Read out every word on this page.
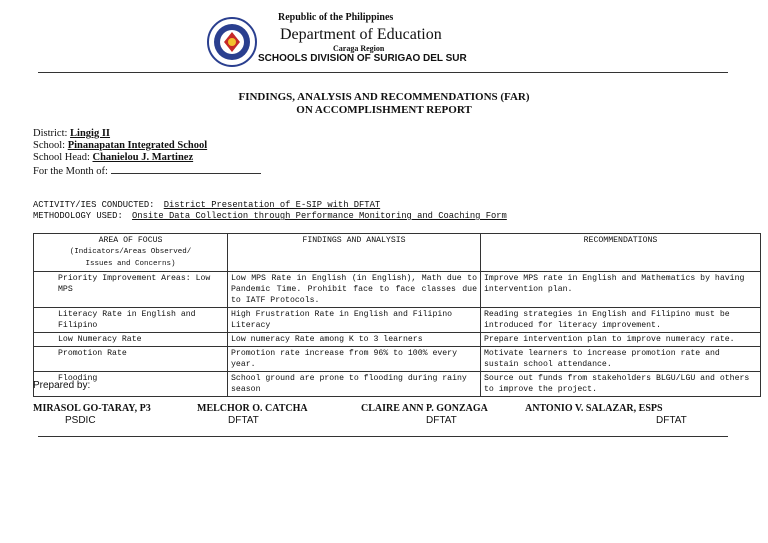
Republic of the Philippines
Department of Education
Caraga Region
SCHOOLS DIVISION OF SURIGAO DEL SUR
FINDINGS, ANALYSIS AND RECOMMENDATIONS (FAR)
ON ACCOMPLISHMENT REPORT
District: Lingig II
School: Pinanapatan Integrated School
School Head: Chanielou J. Martinez
For the Month of:
ACTIVITY/IES CONDUCTED: District Presentation of E-SIP with DFTAT
METHODOLOGY USED: Onsite Data Collection through Performance Monitoring and Coaching Form
AREA OF FOCUS
(Indicators/Areas Observed/
Issues and Concerns)	FINDINGS AND ANALYSIS	RECOMMENDATIONS
Priority Improvement Areas: Low MPS	Low MPS Rate in English (in English), Math due to Pandemic Time. Prohibit face to face classes due to IATF Protocols.	Improve MPS rate in English and Mathematics by having intervention plan.
Literacy Rate in English and Filipino	High Frustration Rate in English and Filipino Literacy	Reading strategies in English and Filipino must be introduced for literacy improvement.
Low Numeracy Rate	Low numeracy Rate among K to 3 learners	Prepare intervention plan to improve numeracy rate.
Promotion Rate	Promotion rate increase from 96% to 100% every year.	Motivate learners to increase promotion rate and sustain school attendance.
Flooding	School ground are prone to flooding during rainy season	Source out funds from stakeholders BLGU/LGU and others to improve the project.
Prepared by:
MIRASOL GO-TARAY, P3
PSDIC
MELCHOR O. CATCHA
DFTAT
CLAIRE ANN P. GONZAGA
DFTAT
ANTONIO V. SALAZAR, ESPS
DFTAT
